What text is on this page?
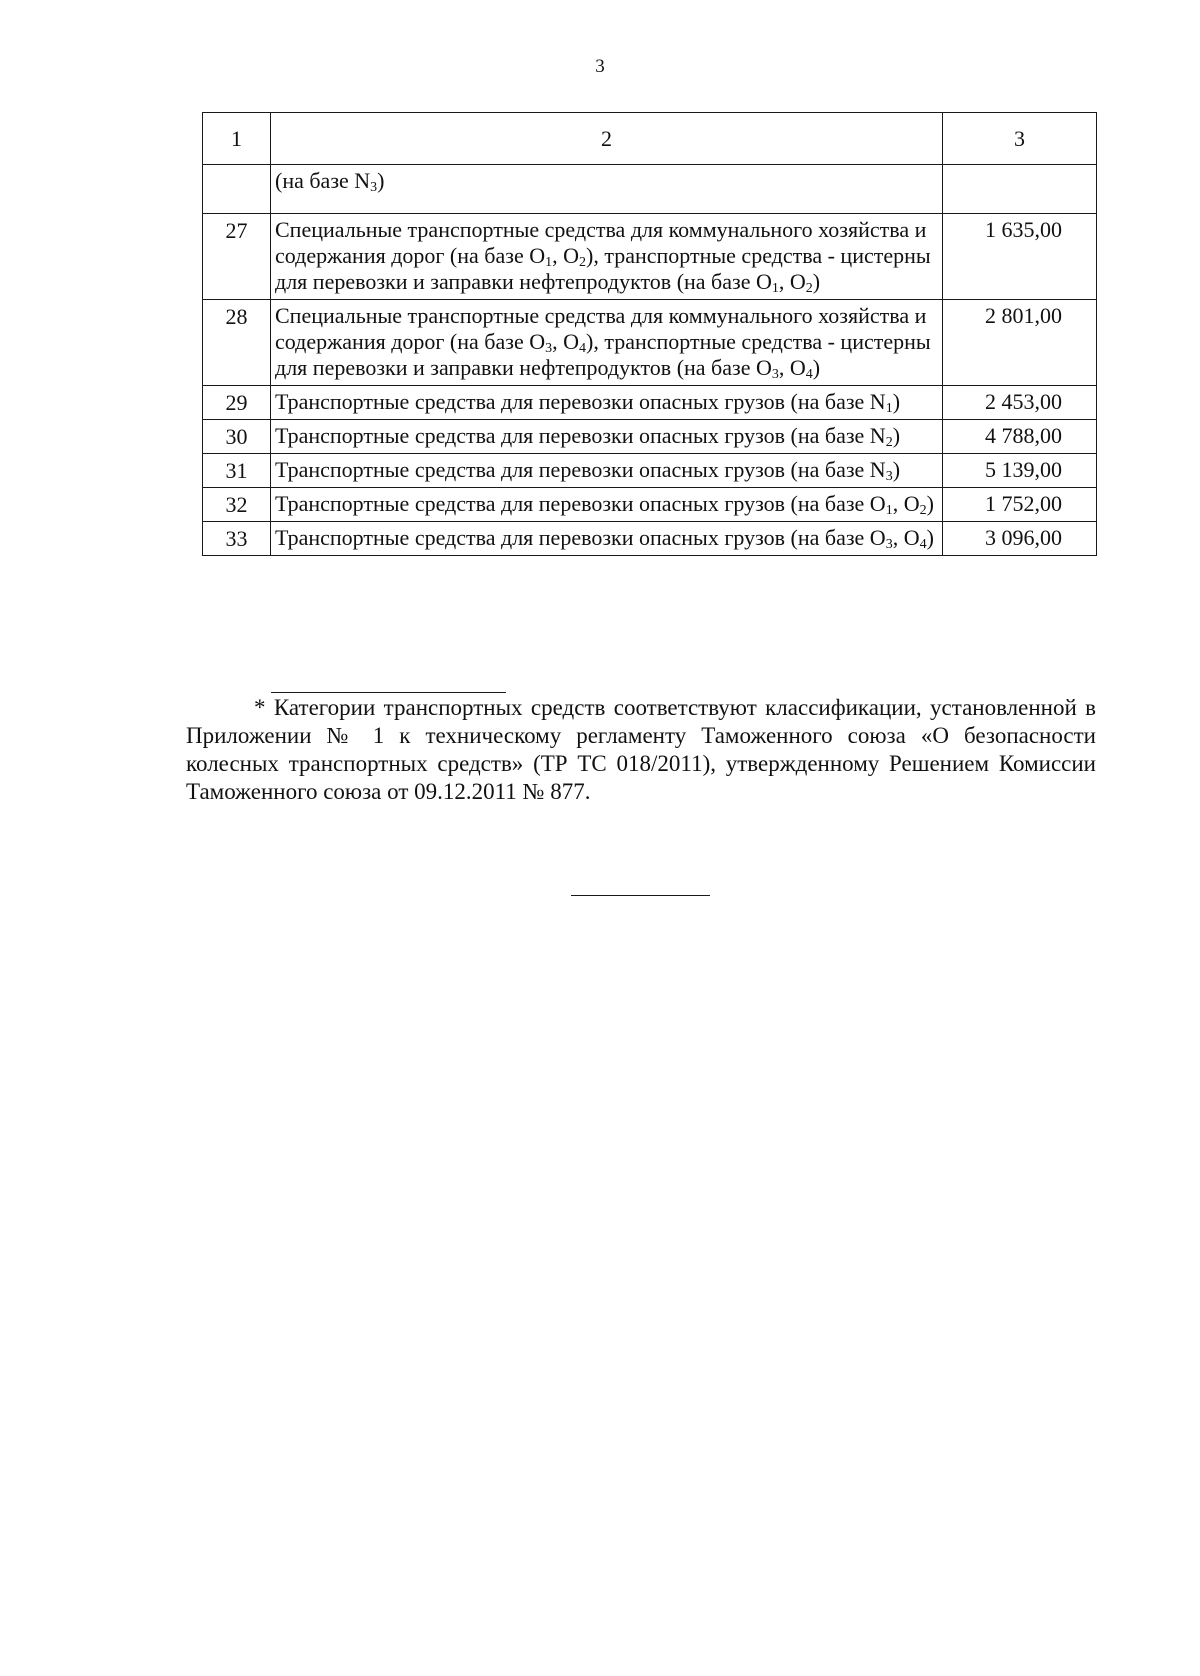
3
1	2	3
	(на базе $N_3$)	
27	Специальные транспортные средства для коммунального хозяйства и содержания дорог (на базе $O_1$, $O_2$), транспортные средства - цистерны для перевозки и заправки нефтепродуктов (на базе $O_1$, $O_2$)	1 635,00
28	Специальные транспортные средства для коммунального хозяйства и содержания дорог (на базе $O_3$, $O_4$), транспортные средства - цистерны для перевозки и заправки нефтепродуктов (на базе $O_3$, $O_4$)	2 801,00
29	Транспортные средства для перевозки опасных грузов (на базе $N_1$)	2 453,00
30	Транспортные средства для перевозки опасных грузов (на базе $N_2$)	4 788,00
31	Транспортные средства для перевозки опасных грузов (на базе $N_3$)	5 139,00
32	Транспортные средства для перевозки опасных грузов (на базе $O_1$, $O_2$)	1 752,00
33	Транспортные средства для перевозки опасных грузов (на базе $O_3$, $O_4$)	3 096,00
* Категории транспортных средств соответствуют классификации, установленной в Приложении № 1 к техническому регламенту Таможенного союза «О безопасности колесных транспортных средств» (ТР ТС 018/2011), утвержденному Решением Комиссии Таможенного союза от 09.12.2011 № 877.
